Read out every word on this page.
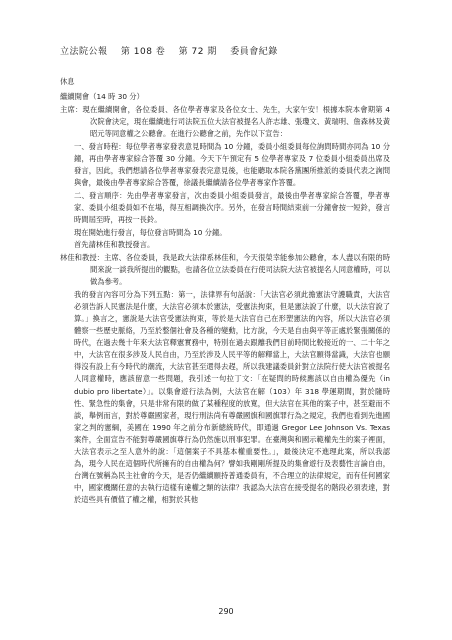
立法院公報 第 108 卷 第 72 期 委員會紀錄

休息

繼續開會（14 時 30 分）

主席：現在繼續開會，各位委員、各位學者專家及各位女士、先生，大家午安！根據本院本會期第 4 次院會決定，現在繼續進行司法院五位大法官被提名人許志雄、張瓊文、黃瑞明、詹森林及黃昭元等同意權之公聽會。在進行公聽會之前，先作以下宣告：

一、發言時程：每位學者專家發表意見時間為 10 分鐘，委員小組委員每位詢問時間亦同為 10 分鐘，再由學者專家綜合答覆 30 分鐘。今天下午預定有 5 位學者專家及 7 位委員小組委員出席及發言，因此，我們想請各位學者專家發表完意見後，也能聽取本院各黨團所推派的委員代表之詢問與會，最後由學者專家綜合答覆，徐議長繼續請各位學者專家作答覆。

二、發言順序：先由學者專家發言，次由委員小組委員發言，最後由學者專家綜合答覆，學者專家、委員小組委員如不在場，得互相調換次序。另外，在發言時間結束前一分鐘會按一短鈴，發言時間屆至時，再按一長鈴。

現在開始進行發言，每位發言時間為 10 分鐘。

首先請林佳和教授發言。

林佳和教授：主席、各位委員，我是政大法律系林佳和，今天很榮幸能參加公聽會，本人盡以有限的時間來說一談我所提出的觀點，也請各位立法委員在行使司法院大法官被提名人同意權時，可以做為參考。

我的發言內容可分為下列五點：第一，法律界有句話說：「大法官必須此擔憲法守護職責，大法官必須告訴人民憲法是什麼，大法官必須本於憲法，受憲法拘束，但是憲法說了什麼，以大法官說了算。」換言之，憲說是大法官受憲法拘束，等於是大法官自己在形塑憲法的內容，所以大法官必須體察一些歷史脈絡，乃至於整個社會及各種的變動，比方說，今天是自由與平等正處於緊張關係的時代，在過去幾十年來大法官釋憲實務中，特別在過去跟離我們目前時間比較接近的一、二十年之中，大法官在很多涉及人民自由，乃至於涉及人民平等的解釋當上，大法官願得當識，大法官也願得沒有設上有今時代的潮流，大法官甚至還得去趕，所以我建議委員針對立法院行使大法官被提名人同意權時，應該留意一些問題，我引述一句拉丁文：「在疑問的時候應該以自由權為優先（in dubio pro libertate）」。以集會遊行法為例，大法官在解（103）年 318 學運期間，對於隨時性、緊急性的集會，只是非常有限的做了某種程度的放寬，但大法官在其他的案子中，甚至避而不談，舉例而言，對於尊嚴國家者，現行刑法尚有尊嚴國旗和國旗罪行為之規定，我們也看到先進國家之判的憲綱，美國在 1990 年之前分布新總統時代，即通過 Gregor Lee Johnson Vs. Texas 案件，全面宣告不能對尊嚴國旗尊行為仍然施以刑事犯罪。在臺灣與和國示範權先生的案子裡面，大法官表示之至人意外的說：「這個案子不具基本權重要性。」，最後決定不進理此案，所以我認為，現今人民在這個時代所擁有的自由權為何？譬如我剛剛所提及的集會遊行及表藝性言論自由，台灣在號稱為民主社會的今天，是否仍繼續願持普通委員有，不合理立的法律規定，而有任何國家中，國家機關任意的去執行這樣有違權之類的法律？我認為大法官在接受提名的階段必須表達，對於這些具有價值了權之權，相對於其他

290
